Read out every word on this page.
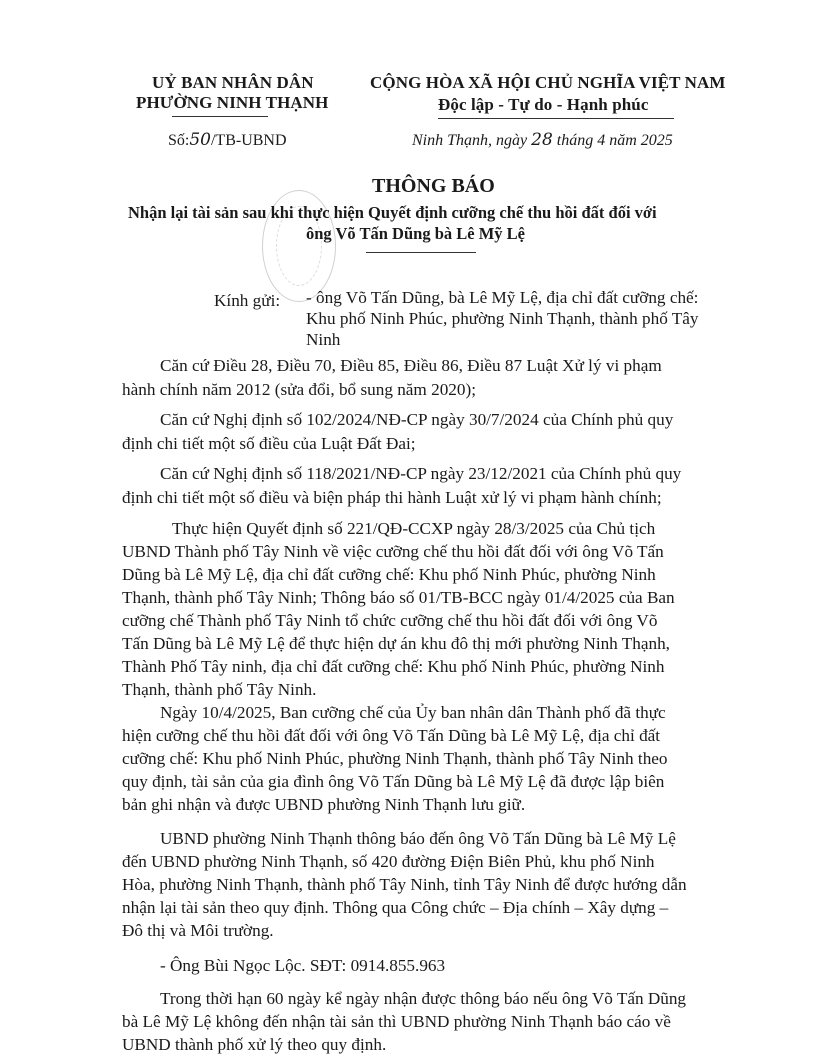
UỶ BAN NHÂN DÂN
PHƯỜNG NINH THẠNH
CỘNG HÒA XÃ HỘI CHỦ NGHĨA VIỆT NAM
Độc lập - Tự do - Hạnh phúc
Số:50/TB-UBND	Ninh Thạnh, ngày 28 tháng 4 năm 2025
THÔNG BÁO
Nhận lại tài sản sau khi thực hiện Quyết định cưỡng chế thu hồi đất đối với
ông Võ Tấn Dũng bà Lê Mỹ Lệ
Kính gửi: - ông Võ Tấn Dũng, bà Lê Mỹ Lệ, địa chỉ đất cưỡng chế:
Khu phố Ninh Phúc, phường Ninh Thạnh, thành phố Tây
Ninh
Căn cứ Điều 28, Điều 70, Điều 85, Điều 86, Điều 87 Luật Xử lý vi phạm
hành chính năm 2012 (sửa đổi, bổ sung năm 2020);
Căn cứ Nghị định số 102/2024/NĐ-CP ngày 30/7/2024 của Chính phủ quy
định chi tiết một số điều của Luật Đất Đai;
Căn cứ Nghị định số 118/2021/NĐ-CP ngày 23/12/2021 của Chính phủ quy
định chi tiết một số điều và biện pháp thi hành Luật xử lý vi phạm hành chính;
Thực hiện Quyết định số 221/QĐ-CCXP ngày 28/3/2025 của Chủ tịch
UBND Thành phố Tây Ninh về việc cưỡng chế thu hồi đất đối với ông Võ Tấn
Dũng bà Lê Mỹ Lệ, địa chỉ đất cưỡng chế: Khu phố Ninh Phúc, phường Ninh
Thạnh, thành phố Tây Ninh; Thông báo số 01/TB-BCC ngày 01/4/2025 của Ban
cưỡng chế Thành phố Tây Ninh tổ chức cưỡng chế thu hồi đất đối với ông Võ
Tấn Dũng bà Lê Mỹ Lệ để thực hiện dự án khu đô thị mới phường Ninh Thạnh,
Thành Phố Tây ninh, địa chỉ đất cưỡng chế: Khu phố Ninh Phúc, phường Ninh
Thạnh, thành phố Tây Ninh.
Ngày 10/4/2025, Ban cưỡng chế của Ủy ban nhân dân Thành phố đã thực
hiện cưỡng chế thu hồi đất đối với ông Võ Tấn Dũng bà Lê Mỹ Lệ, địa chỉ đất
cưỡng chế: Khu phố Ninh Phúc, phường Ninh Thạnh, thành phố Tây Ninh theo
quy định, tài sản của gia đình ông Võ Tấn Dũng bà Lê Mỹ Lệ đã được lập biên
bản ghi nhận và được UBND phường Ninh Thạnh lưu giữ.
UBND phường Ninh Thạnh thông báo đến ông Võ Tấn Dũng bà Lê Mỹ Lệ
đến UBND phường Ninh Thạnh, số 420 đường Điện Biên Phủ, khu phố Ninh
Hòa, phường Ninh Thạnh, thành phố Tây Ninh, tỉnh Tây Ninh để được hướng dẫn
nhận lại tài sản theo quy định. Thông qua Công chức – Địa chính – Xây dựng –
Đô thị và Môi trường.
- Ông Bùi Ngọc Lộc. SĐT: 0914.855.963
Trong thời hạn 60 ngày kể ngày nhận được thông báo nếu ông Võ Tấn Dũng
bà Lê Mỹ Lệ không đến nhận tài sản thì UBND phường Ninh Thạnh báo cáo về
UBND thành phố xử lý theo quy định.
